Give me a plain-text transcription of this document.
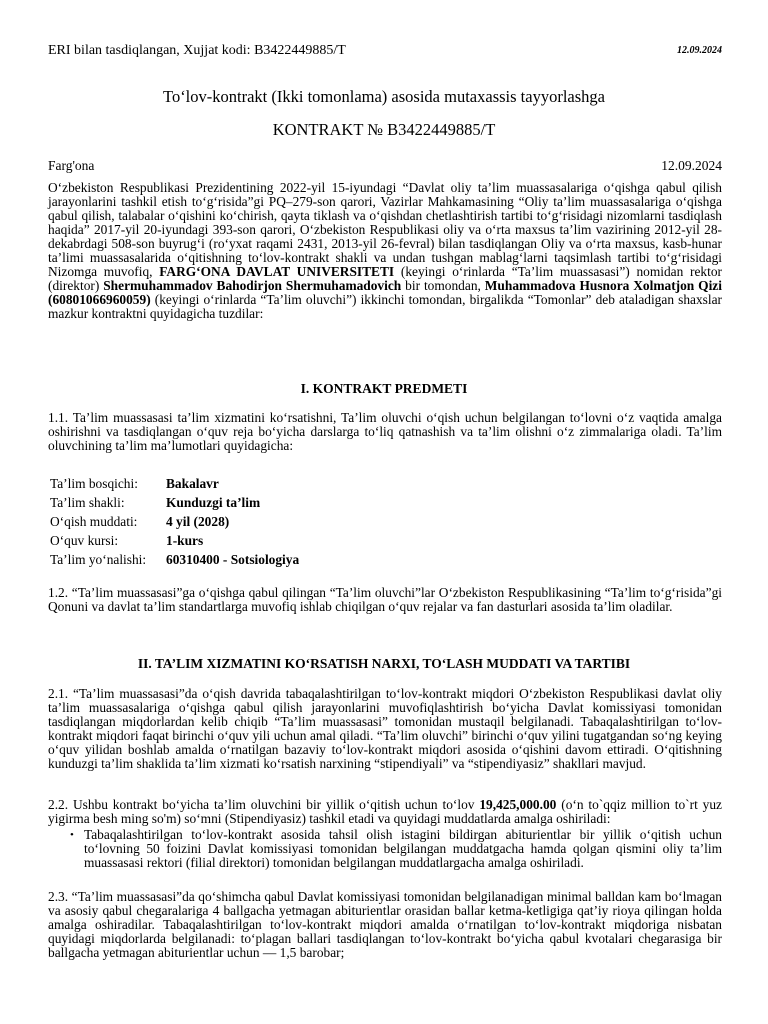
ERI bilan tasdiqlangan, Xujjat kodi: B3422449885/T	12.09.2024
To‘lov-kontrakt (Ikki tomonlama) asosida mutaxassis tayyorlashga
KONTRAKT № B3422449885/T
Farg'ona	12.09.2024
O‘zbekiston Respublikasi Prezidentining 2022-yil 15-iyundagi “Davlat oliy ta’lim muassasalariga o‘qishga qabul qilish jarayonlarini tashkil etish to‘g‘risida”gi PQ–279-son qarori, Vazirlar Mahkamasining “Oliy ta’lim muassasalariga o‘qishga qabul qilish, talabalar o‘qishini ko‘chirish, qayta tiklash va o‘qishdan chetlashtirish tartibi to‘g‘risidagi nizomlarni tasdiqlash haqida” 2017-yil 20-iyundagi 393-son qarori, O‘zbekiston Respublikasi oliy va o‘rta maxsus ta’lim vazirining 2012-yil 28-dekabrdagi 508-son buyrug‘i (ro‘yxat raqami 2431, 2013-yil 26-fevral) bilan tasdiqlangan Oliy va o‘rta maxsus, kasb-hunar ta’limi muassasalarida o‘qitishning to‘lov-kontrakt shakli va undan tushgan mablag‘larni taqsimlash tartibi to‘g‘risidagi Nizomga muvofiq, FARG‘ONA DAVLAT UNIVERSITETI (keyingi o‘rinlarda “Ta’lim muassasasi”) nomidan rektor (direktor) Shermuhammadov Bahodirjon Shermuhamadovich bir tomondan, Muhammadova Husnora Xolmatjon Qizi (60801066960059) (keyingi o‘rinlarda “Ta’lim oluvchi”) ikkinchi tomondan, birgalikda “Tomonlar” deb ataladigan shaxslar mazkur kontraktni quyidagicha tuzdilar:
I. KONTRAKT PREDMETI
1.1. Ta’lim muassasasi ta’lim xizmatini ko‘rsatishni, Ta’lim oluvchi o‘qish uchun belgilangan to‘lovni o‘z vaqtida amalga oshirishni va tasdiqlangan o‘quv reja bo‘yicha darslarga to‘liq qatnashish va ta’lim olishni o‘z zimmalariga oladi. Ta’lim oluvchining ta’lim ma’lumotlari quyidagicha:
Ta’lim bosqichi:	Bakalavr
Ta’lim shakli:	Kunduzgi ta’lim
O‘qish muddati:	4 yil (2028)
O‘quv kursi:	1-kurs
Ta’lim yo‘nalishi:	60310400 - Sotsiologiya
1.2. “Ta’lim muassasasi”ga o‘qishga qabul qilingan “Ta’lim oluvchi”lar O‘zbekiston Respublikasining “Ta’lim to‘g‘risida”gi Qonuni va davlat ta’lim standartlarga muvofiq ishlab chiqilgan o‘quv rejalar va fan dasturlari asosida ta’lim oladilar.
II. TA’LIM XIZMATINI KO‘RSATISH NARXI, TO‘LASH MUDDATI VA TARTIBI
2.1. “Ta’lim muassasasi”da o‘qish davrida tabaqalashtirilgan to‘lov-kontrakt miqdori O‘zbekiston Respublikasi davlat oliy ta’lim muassasalariga o‘qishga qabul qilish jarayonlarini muvofiqlashtirish bo‘yicha Davlat komissiyasi tomonidan tasdiqlangan miqdorlardan kelib chiqib “Ta’lim muassasasi” tomonidan mustaqil belgilanadi. Tabaqalashtirilgan to‘lov-kontrakt miqdori faqat birinchi o‘quv yili uchun amal qiladi. “Ta’lim oluvchi” birinchi o‘quv yilini tugatgandan so‘ng keying o‘quv yilidan boshlab amalda o‘rnatilgan bazaviy to‘lov-kontrakt miqdori asosida o‘qishini davom ettiradi. O‘qitishning kunduzgi ta’lim shaklida ta’lim xizmati ko‘rsatish narxining “stipendiyali” va “stipendiyasiz” shakllari mavjud.
2.2. Ushbu kontrakt bo‘yicha ta’lim oluvchini bir yillik o‘qitish uchun to‘lov 19,425,000.00 (o‘n to`qqiz million to`rt yuz yigirma besh ming so'm) so‘mni (Stipendiyasiz) tashkil etadi va quyidagi muddatlarda amalga oshiriladi:
• Tabaqalashtirilgan to‘lov-kontrakt asosida tahsil olish istagini bildirgan abiturientlar bir yillik o‘qitish uchun to‘lovning 50 foizini Davlat komissiyasi tomonidan belgilangan muddatgacha hamda qolgan qismini oliy ta’lim muassasasi rektori (filial direktori) tomonidan belgilangan muddatlargacha amalga oshiriladi.
2.3. “Ta’lim muassasasi”da qo‘shimcha qabul Davlat komissiyasi tomonidan belgilanadigan minimal balldan kam bo‘lmagan va asosiy qabul chegaralariga 4 ballgacha yetmagan abiturientlar orasidan ballar ketma-ketligiga qat’iy rioya qilingan holda amalga oshiradilar. Tabaqalashtirilgan to‘lov-kontrakt miqdori amalda o‘rnatilgan to‘lov-kontrakt miqdoriga nisbatan quyidagi miqdorlarda belgilanadi: to‘plagan ballari tasdiqlangan to‘lov-kontrakt bo‘yicha qabul kvotalari chegarasiga bir ballgacha yetmagan abiturientlar uchun — 1,5 barobar;
